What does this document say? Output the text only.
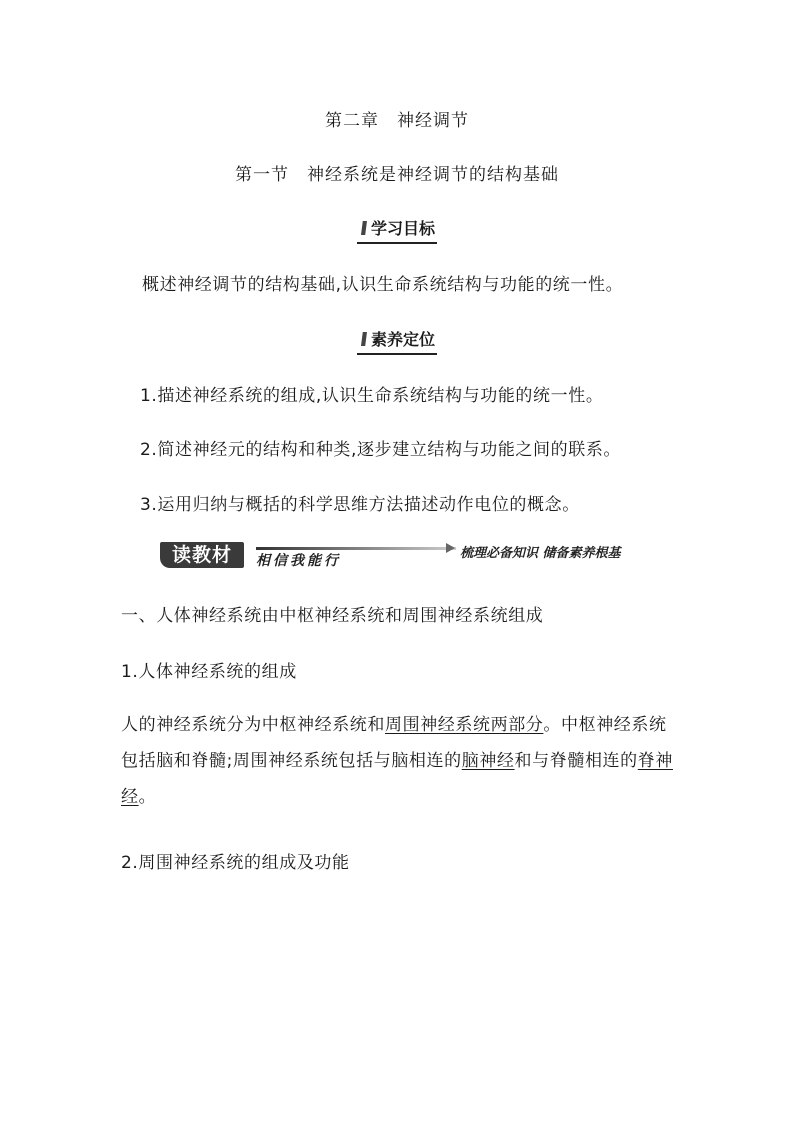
第二章　神经调节
第一节　神经系统是神经调节的结构基础
学习目标
概述神经调节的结构基础,认识生命系统结构与功能的统一性。
素养定位
1.描述神经系统的组成,认识生命系统结构与功能的统一性。
2.简述神经元的结构和种类,逐步建立结构与功能之间的联系。
3.运用归纳与概括的科学思维方法描述动作电位的概念。
读教材	相信我能行	梳理必备知识 储备素养根基
一、人体神经系统由中枢神经系统和周围神经系统组成
1.人体神经系统的组成
人的神经系统分为中枢神经系统和周围神经系统两部分。中枢神经系统包括脑和脊髓;周围神经系统包括与脑相连的脑神经和与脊髓相连的脊神经。
2.周围神经系统的组成及功能
